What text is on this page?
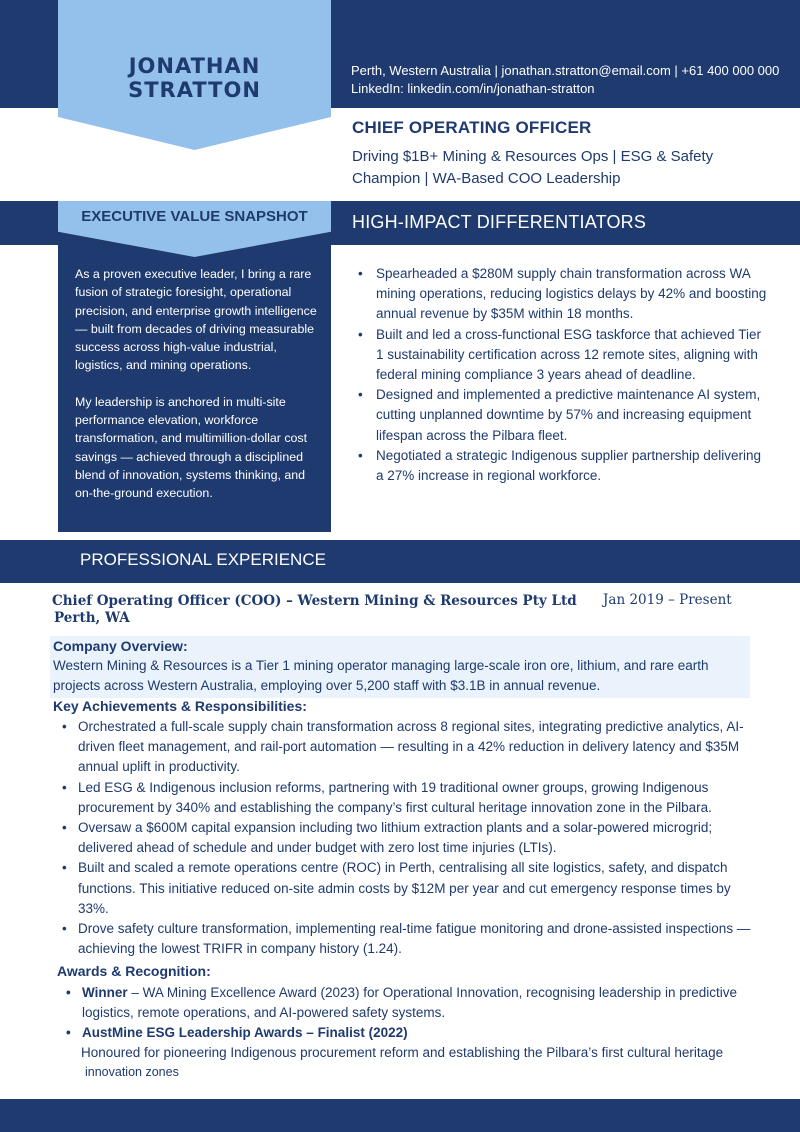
JONATHAN STRATTON
Perth, Western Australia | jonathan.stratton@email.com | +61 400 000 000
LinkedIn: linkedin.com/in/jonathan-stratton
CHIEF OPERATING OFFICER
Driving $1B+ Mining & Resources Ops | ESG & Safety
Champion | WA-Based COO Leadership
EXECUTIVE VALUE SNAPSHOT

As a proven executive leader, I bring a rare fusion of strategic foresight, operational precision, and enterprise growth intelligence — built from decades of driving measurable success across high-value industrial, logistics, and mining operations.

My leadership is anchored in multi-site performance elevation, workforce transformation, and multimillion-dollar cost savings — achieved through a disciplined blend of innovation, systems thinking, and on-the-ground execution.

HIGH-IMPACT DIFFERENTIATORS
• Spearheaded a $280M supply chain transformation across WA mining operations, reducing logistics delays by 42% and boosting annual revenue by $35M within 18 months.
• Built and led a cross-functional ESG taskforce that achieved Tier 1 sustainability certification across 12 remote sites, aligning with federal mining compliance 3 years ahead of deadline.
• Designed and implemented a predictive maintenance AI system, cutting unplanned downtime by 57% and increasing equipment lifespan across the Pilbara fleet.
• Negotiated a strategic Indigenous supplier partnership delivering a 27% increase in regional workforce.
PROFESSIONAL EXPERIENCE
Chief Operating Officer (COO) – Western Mining & Resources Pty Ltd Jan 2019 – Present
Perth, WA
Company Overview:
Western Mining & Resources is a Tier 1 mining operator managing large-scale iron ore, lithium, and rare earth projects across Western Australia, employing over 5,200 staff with $3.1B in annual revenue.
Key Achievements & Responsibilities:
• Orchestrated a full-scale supply chain transformation across 8 regional sites, integrating predictive analytics, AI-driven fleet management, and rail-port automation — resulting in a 42% reduction in delivery latency and $35M annual uplift in productivity.
• Led ESG & Indigenous inclusion reforms, partnering with 19 traditional owner groups, growing Indigenous procurement by 340% and establishing the company’s first cultural heritage innovation zone in the Pilbara.
• Oversaw a $600M capital expansion including two lithium extraction plants and a solar-powered microgrid; delivered ahead of schedule and under budget with zero lost time injuries (LTIs).
• Built and scaled a remote operations centre (ROC) in Perth, centralising all site logistics, safety, and dispatch functions. This initiative reduced on-site admin costs by $12M per year and cut emergency response times by 33%.
• Drove safety culture transformation, implementing real-time fatigue monitoring and drone-assisted inspections — achieving the lowest TRIFR in company history (1.24).
Awards & Recognition:
• Winner – WA Mining Excellence Award (2023) for Operational Innovation, recognising leadership in predictive logistics, remote operations, and AI-powered safety systems.
• AustMine ESG Leadership Awards – Finalist (2022)
Honoured for pioneering Indigenous procurement reform and establishing the Pilbara’s first cultural heritage
innovation zones
